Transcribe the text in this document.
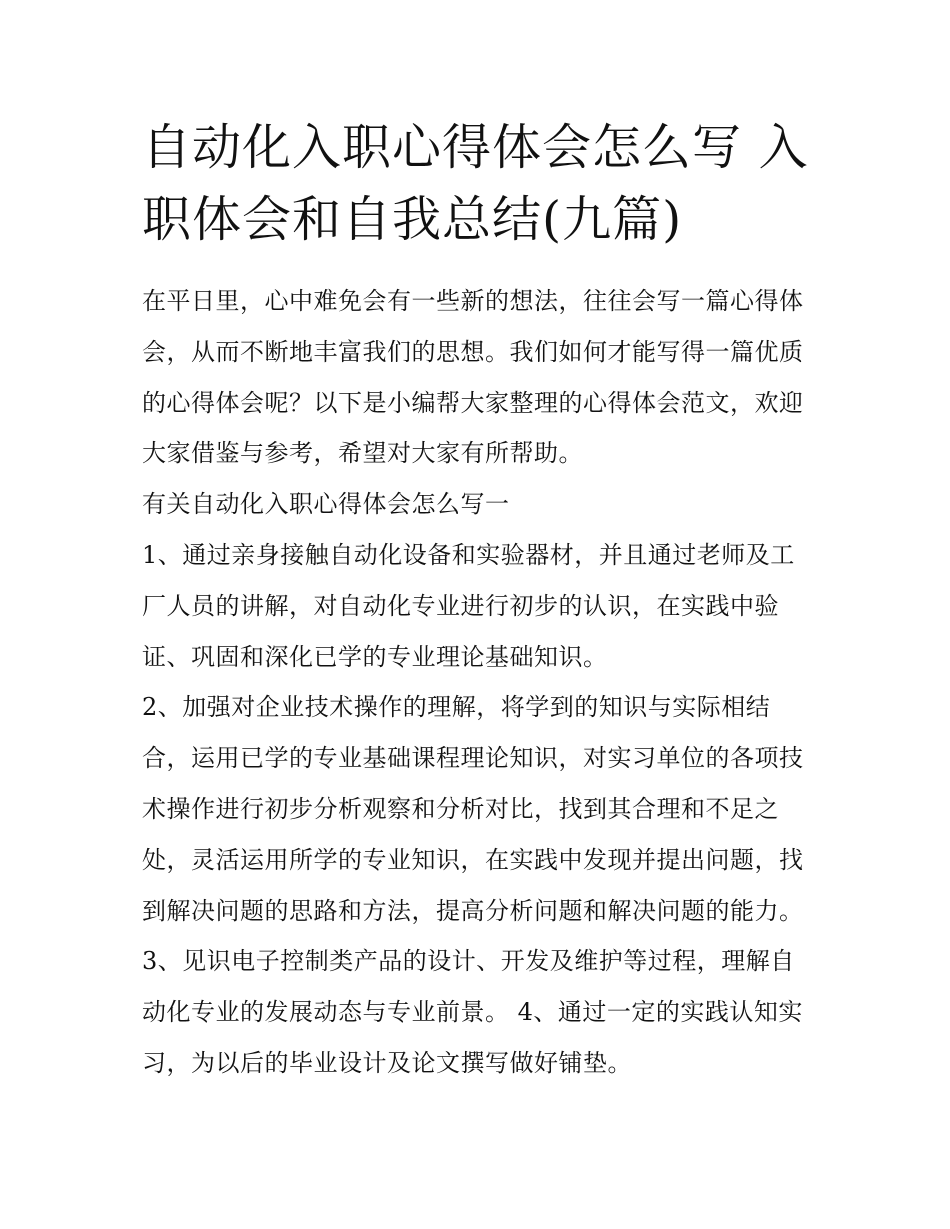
自动化入职心得体会怎么写 入职体会和自我总结(九篇)

在平日里，心中难免会有一些新的想法，往往会写一篇心得体

会，从而不断地丰富我们的思想。我们如何才能写得一篇优质

的心得体会呢？以下是小编帮大家整理的心得体会范文，欢迎

大家借鉴与参考，希望对大家有所帮助。

有关自动化入职心得体会怎么写一

1、通过亲身接触自动化设备和实验器材，并且通过老师及工

厂人员的讲解，对自动化专业进行初步的认识，在实践中验

证、巩固和深化已学的专业理论基础知识。

2、加强对企业技术操作的理解，将学到的知识与实际相结

合，运用已学的专业基础课程理论知识，对实习单位的各项技

术操作进行初步分析观察和分析对比，找到其合理和不足之

处，灵活运用所学的专业知识，在实践中发现并提出问题，找

到解决问题的思路和方法，提高分析问题和解决问题的能力。

3、见识电子控制类产品的设计、开发及维护等过程，理解自

动化专业的发展动态与专业前景。 4、通过一定的实践认知实

习，为以后的毕业设计及论文撰写做好铺垫。
